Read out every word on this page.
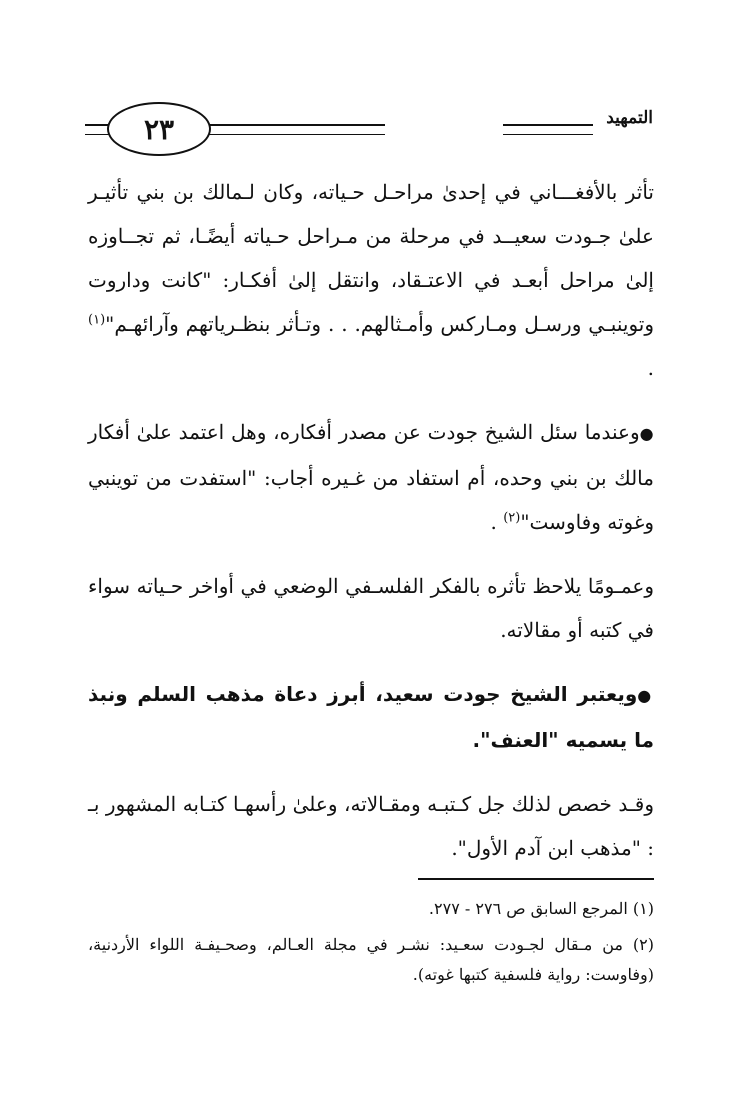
٢٣	التمهيد

تأثر بالأفغـــاني في إحدىٰ مراحـل حـياته، وكان لـمالك بن بني تأثيـر علىٰ جـودت سعيــد في مرحلة من مـراحل حـياته أيضًـا، ثم تجــاوزه إلىٰ مراحل أبعـد في الاعتـقاد، وانتقل إلىٰ أفكـار: "كانت وداروت وتوينبـي ورسـل ومـاركس وأمـثالهم. . . وتـأثر بنظـرياتهم وآرائهـم"$^{(١)}$ .

●وعندما سئل الشيخ جودت عن مصدر أفكاره، وهل اعتمد علىٰ أفكار مالك بن بني وحده، أم استفاد من غـيره أجاب: "استفدت من توينبي وغوته وفاوست"$^{(٢)}$ .

وعمـومًا يلاحظ تأثره بالفكر الفلسـفي الوضعي في أواخر حـياته سواء في كتبه أو مقالاته.

●ويعتبر الشيخ جودت سعيد، أبرز دعاة مذهب السلم ونبذ ما يسميه "العنف".

وقـد خصص لذلك جل كـتبـه ومقـالاته، وعلىٰ رأسهـا كتـابه المشهور بـ : "مذهب ابن آدم الأول".

(١) المرجع السابق ص ٢٧٦ - ٢٧٧.

(٢) من مـقال لجـودت سعـيد: نشـر في مجلة العـالم، وصحـيفـة اللواء الأردنية، (وفاوست: رواية فلسفية كتبها غوته).
